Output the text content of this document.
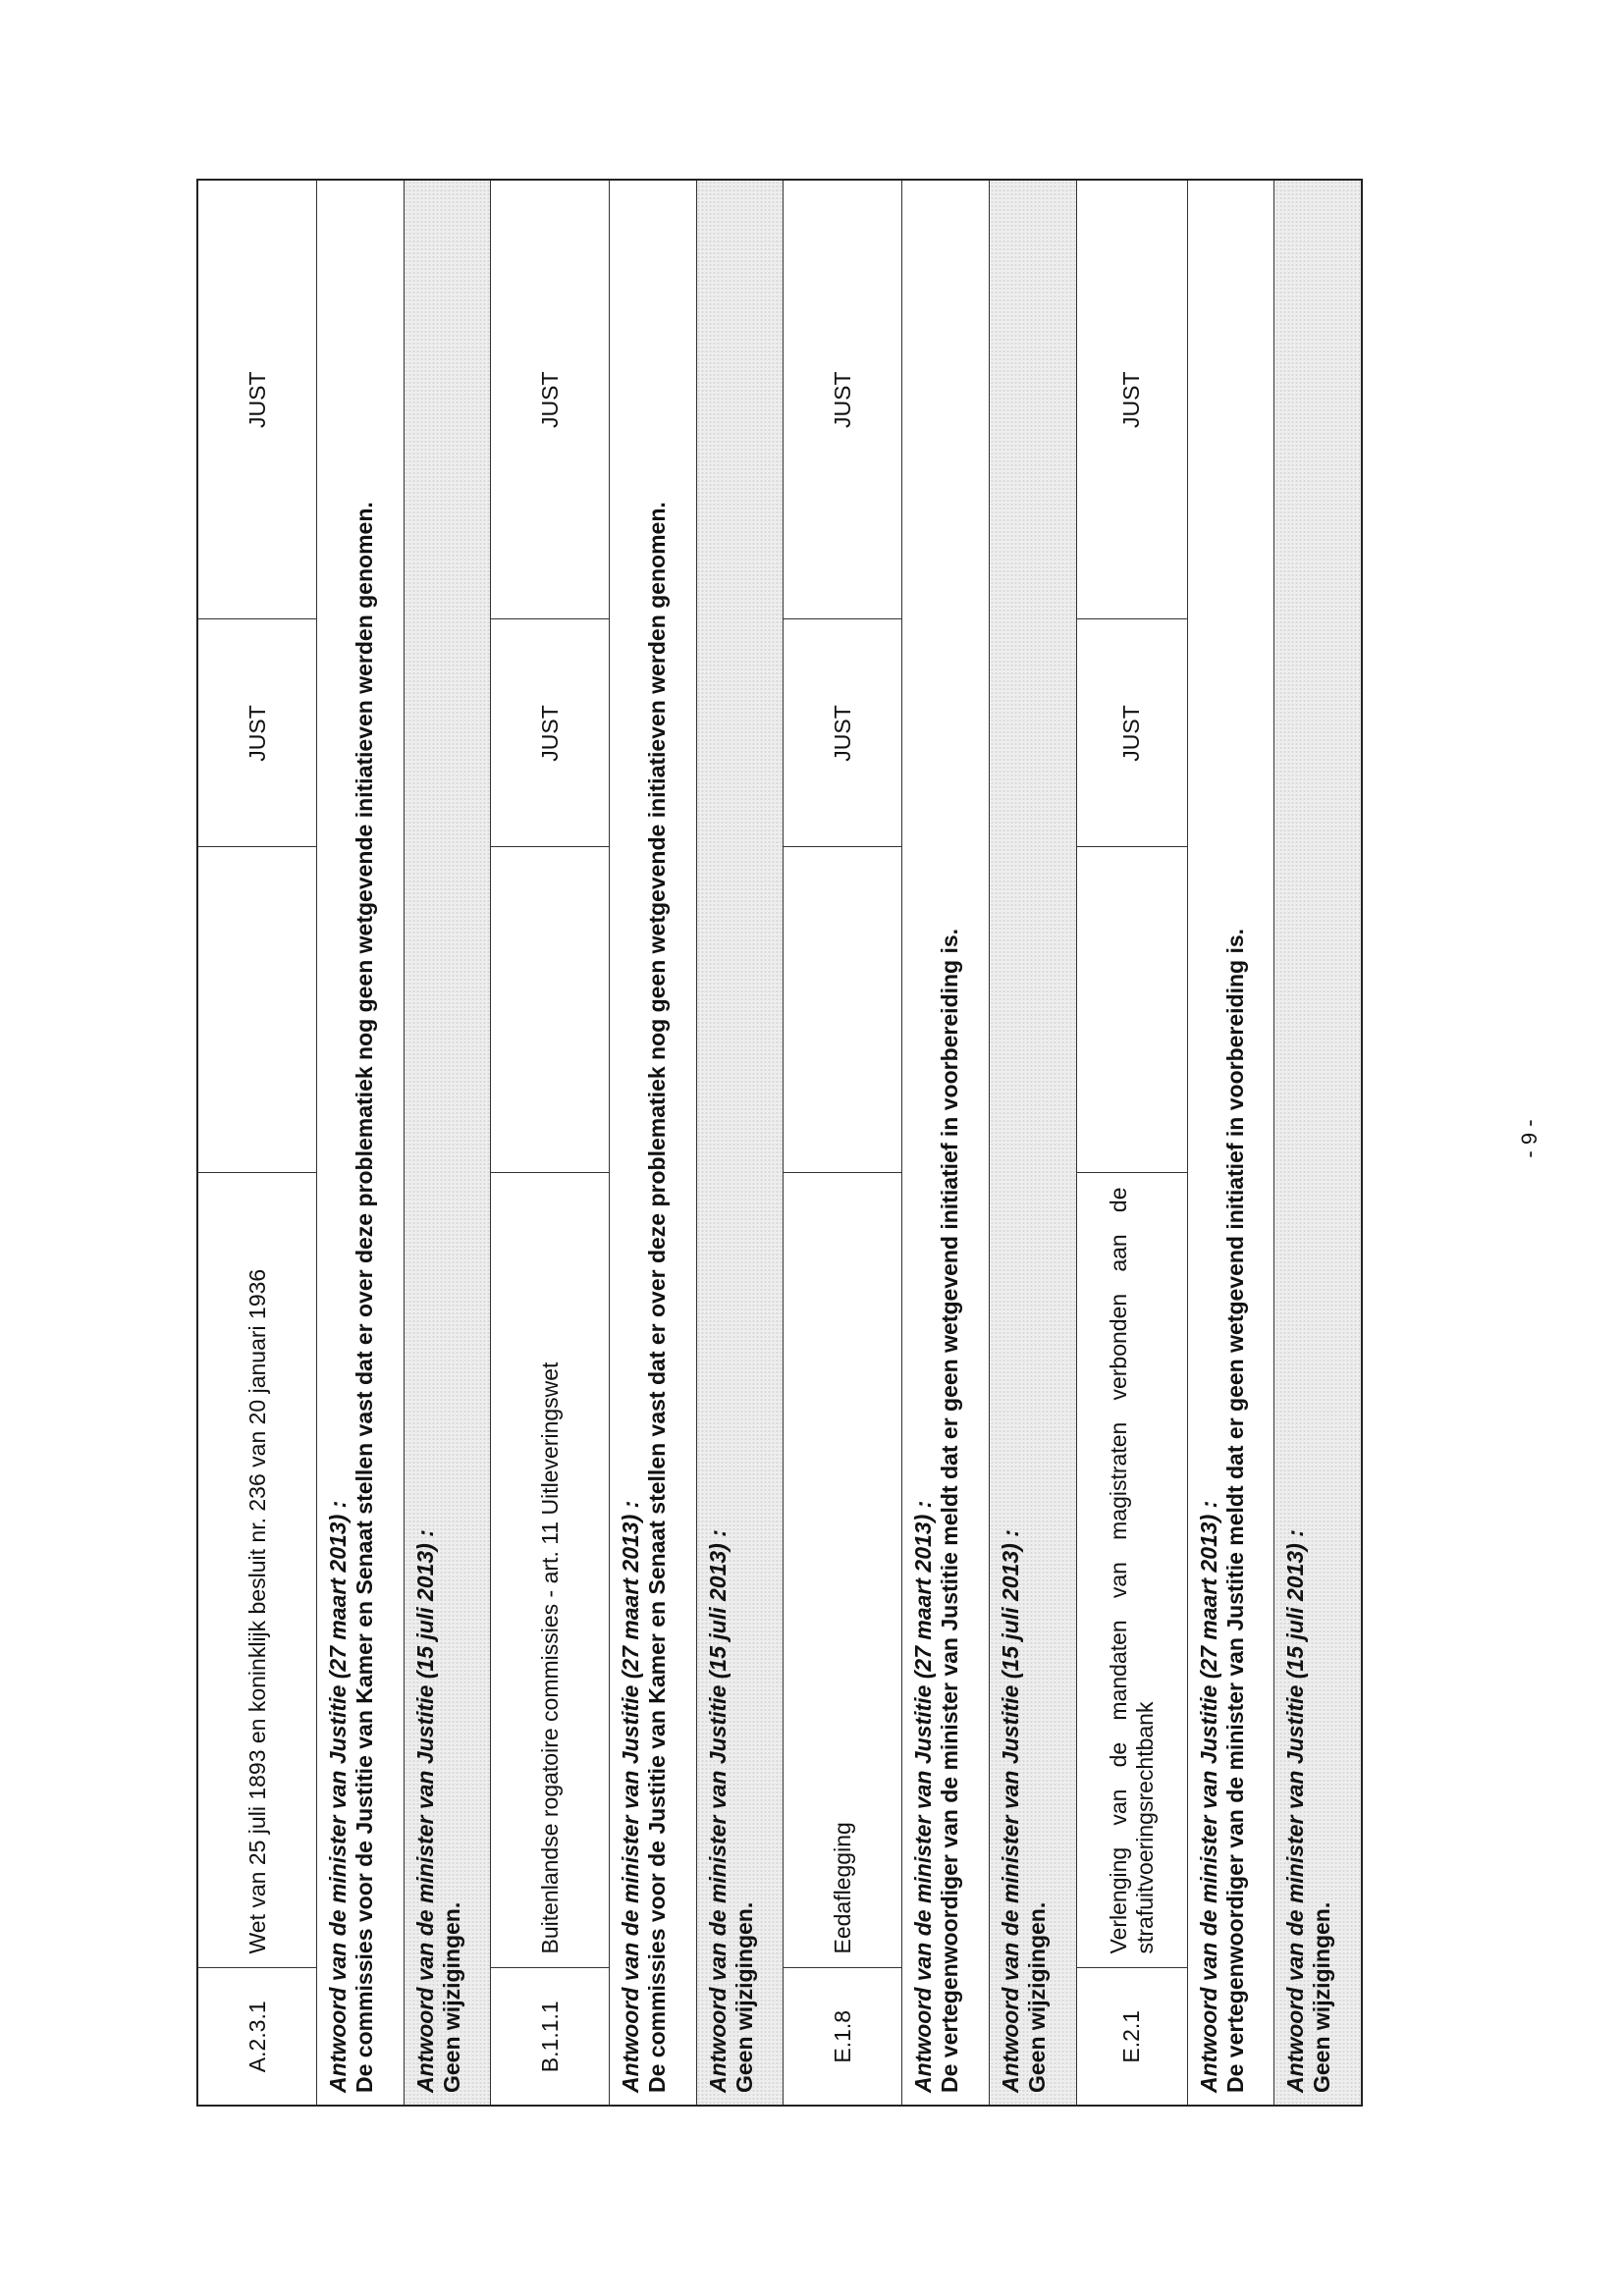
A.2.3.1	Wet van 25 juli 1893 en koninklijk besluit nr. 236 van 20 januari 1936		JUST	JUST

Antwoord van de minister van Justitie (27 maart 2013) : De commissies voor de Justitie van Kamer en Senaat stellen vast dat er over deze problematiek nog geen wetgevende initiatieven werden genomen.				

Antwoord van de minister van Justitie (15 juli 2013) : Geen wijzigingen.				

B.1.1.1	Buitenlandse rogatoire commissies - art. 11 Uitleveringswet		JUST	JUST

Antwoord van de minister van Justitie (27 maart 2013) : De commissies voor de Justitie van Kamer en Senaat stellen vast dat er over deze problematiek nog geen wetgevende initiatieven werden genomen.				

Antwoord van de minister van Justitie (15 juli 2013) : Geen wijzigingen.				

E.1.8	Eedaflegging		JUST	JUST

Antwoord van de minister van Justitie (27 maart 2013) : De vertegenwoordiger van de minister van Justitie meldt dat er geen wetgevend initiatief in voorbereiding is.				

Antwoord van de minister van Justitie (15 juli 2013) : Geen wijzigingen.				

E.2.1	Verlenging van de mandaten van magistraten verbonden aan de strafuitvoeringsrechtbank		JUST	JUST

Antwoord van de minister van Justitie (27 maart 2013) : De vertegenwoordiger van de minister van Justitie meldt dat er geen wetgevend initiatief in voorbereiding is.				

Antwoord van de minister van Justitie (15 juli 2013) : Geen wijzigingen.				
- 9 -
